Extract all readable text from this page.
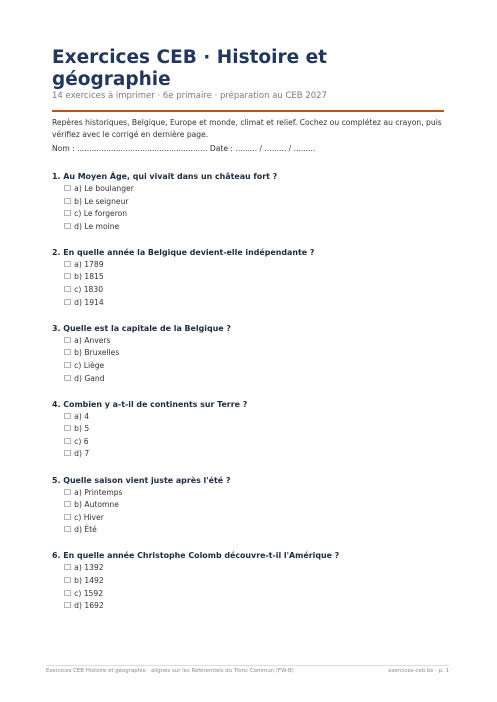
Exercices CEB · Histoire et géographie

14 exercices à imprimer · 6e primaire · préparation au CEB 2027

Repères historiques, Belgique, Europe et monde, climat et relief. Cochez ou complétez au crayon, puis vérifiez avec le corrigé en dernière page.

Nom : ...................................................... Date : ......... / ......... / .........

1. Au Moyen Âge, qui vivait dans un château fort ?

☐ a) Le boulanger
☐ b) Le seigneur
☐ c) Le forgeron
☐ d) Le moine

2. En quelle année la Belgique devient-elle indépendante ?

☐ a) 1789
☐ b) 1815
☐ c) 1830
☐ d) 1914

3. Quelle est la capitale de la Belgique ?

☐ a) Anvers
☐ b) Bruxelles
☐ c) Liège
☐ d) Gand

4. Combien y a-t-il de continents sur Terre ?

☐ a) 4
☐ b) 5
☐ c) 6
☐ d) 7

5. Quelle saison vient juste après l'été ?

☐ a) Printemps
☐ b) Automne
☐ c) Hiver
☐ d) Été

6. En quelle année Christophe Colomb découvre-t-il l'Amérique ?

☐ a) 1392
☐ b) 1492
☐ c) 1592
☐ d) 1692
Exercices CEB Histoire et géographie · alignés sur les Référentiels du Tronc Commun (FW-B)	exercices-ceb.be · p. 1
